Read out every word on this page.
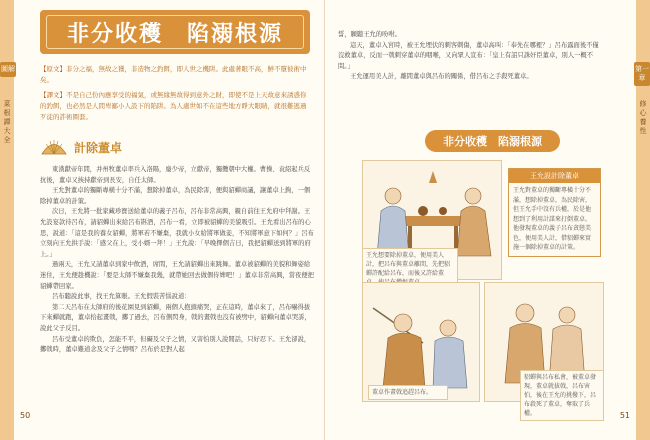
圖解
菜根譚大全
非分收穫　陷溺根源
【原文】非分之福，無故之獲，非造物之釣餌，即人世之機阱。此處著眼不高，鮮不墮彼術中矣。
【譯文】不是自己份內應享受的福氣，或無緣無故得到意外之財，即使不是上天故意來誘惑你的釣餌，也必然是人間卑鄙小人設下的陷阱。為人處世如不在這些地方睜大眼睛，就很難逃過歹徒的詐術圈套。
計除董卓

東漢獻帝年間，并州牧董卓率兵入洛陽，廢少帝，立獻帝，獨攬朝中大權。曹操、袁紹起兵反抗後，董卓又挾持獻帝到長安，自任太師。

王允對董卓的獨斷專橫十分不滿，想除掉董卓，為民除害，便與貂蟬商議，讓董卓上鉤，一個除掉董卓的計策。

次日，王允將一批家藏珍寶送給董卓的義子呂布，呂布非常高興，親自前往王允府中拜謝。王允設宴款待呂布，請貂蟬出來給呂布斟酒，呂布一看，立即被貂蟬的美貌吸引。王允看出呂布的心思，說道：「這是我的養女貂蟬，將軍若不嫌棄，我就小女給將軍做妾，不知將軍意下如何？」呂布立刻向王允拱手說：「感父在上，受小婿一拜！」王允說：「早晚擇個吉日，我把貂蟬送到將軍的府上。」

過兩天，王允又請董卓到家中飲酒，席間，王允請貂蟬出來跳舞。董卓被貂蟬的美貌和舞姿給迷住，王允便趁機說：「要是太師不嫌棄我幾，就帶她回去做個侍婢吧！」董卓非常高興，當夜便把貂蟬帶回家。

呂布聽說此事，找王允算賬。王允假裝苦惱說道：

第二天呂布在太師府的後花園見到貂蟬，兩個人抱頭痛哭，正在這時，董卓來了，呂布嚇得拔下來蟬就跑，董卓拾起畫戟，擲了過去，呂布側閃身，戟的畫戟也沒有被劈中，貂蟬向董卓哭訴，說此父子反目。

呂布受董卓的欺負，怎能不平，但礙及父子之情，又害怕別人說閒話，只好忍下。王允卻說，擲戟時，董卓難道念及父子之情嗎？呂布於是對人起

50
第一章
修心養性
51

誓，願聽王允的吩咐。

這天，董卓入宮時，被王允埋伏的刺客刺傷，董卓高叫：「奉先在哪裡？」呂布露面後不僅沒救董卓，反而一戟刺穿董卓的咽喉，又向眾人宣布：「皇上有詔只誅奸臣董卓，別人一概不問。」

王允運用美人計，離間董卓與呂布的關係，借呂布之手殺死董卓。

非分收穫　陷溺根源
王允想要除掉董卓，便用美人計，把呂布與董卓離間，先把貂蟬許配給呂布，而後又許給董
王允設計除董卓
王允對董卓的獨斷專橫十分不滿，想除掉董卓，為民除害，但王允手中沒有兵權，於是他想到了利用計謀來打倒董卓。他發現董卓的義子呂布貪戀美色，便用美人計，借貂蟬來實施一個除掉董卓的計策。
董卓作畫戟追趕呂布。
貂蟬與呂布私會，被董卓發現，董卓就拔戟，呂布害怕，後在王允的挑撥下，呂布殺死了董卓，奪取了兵權。
